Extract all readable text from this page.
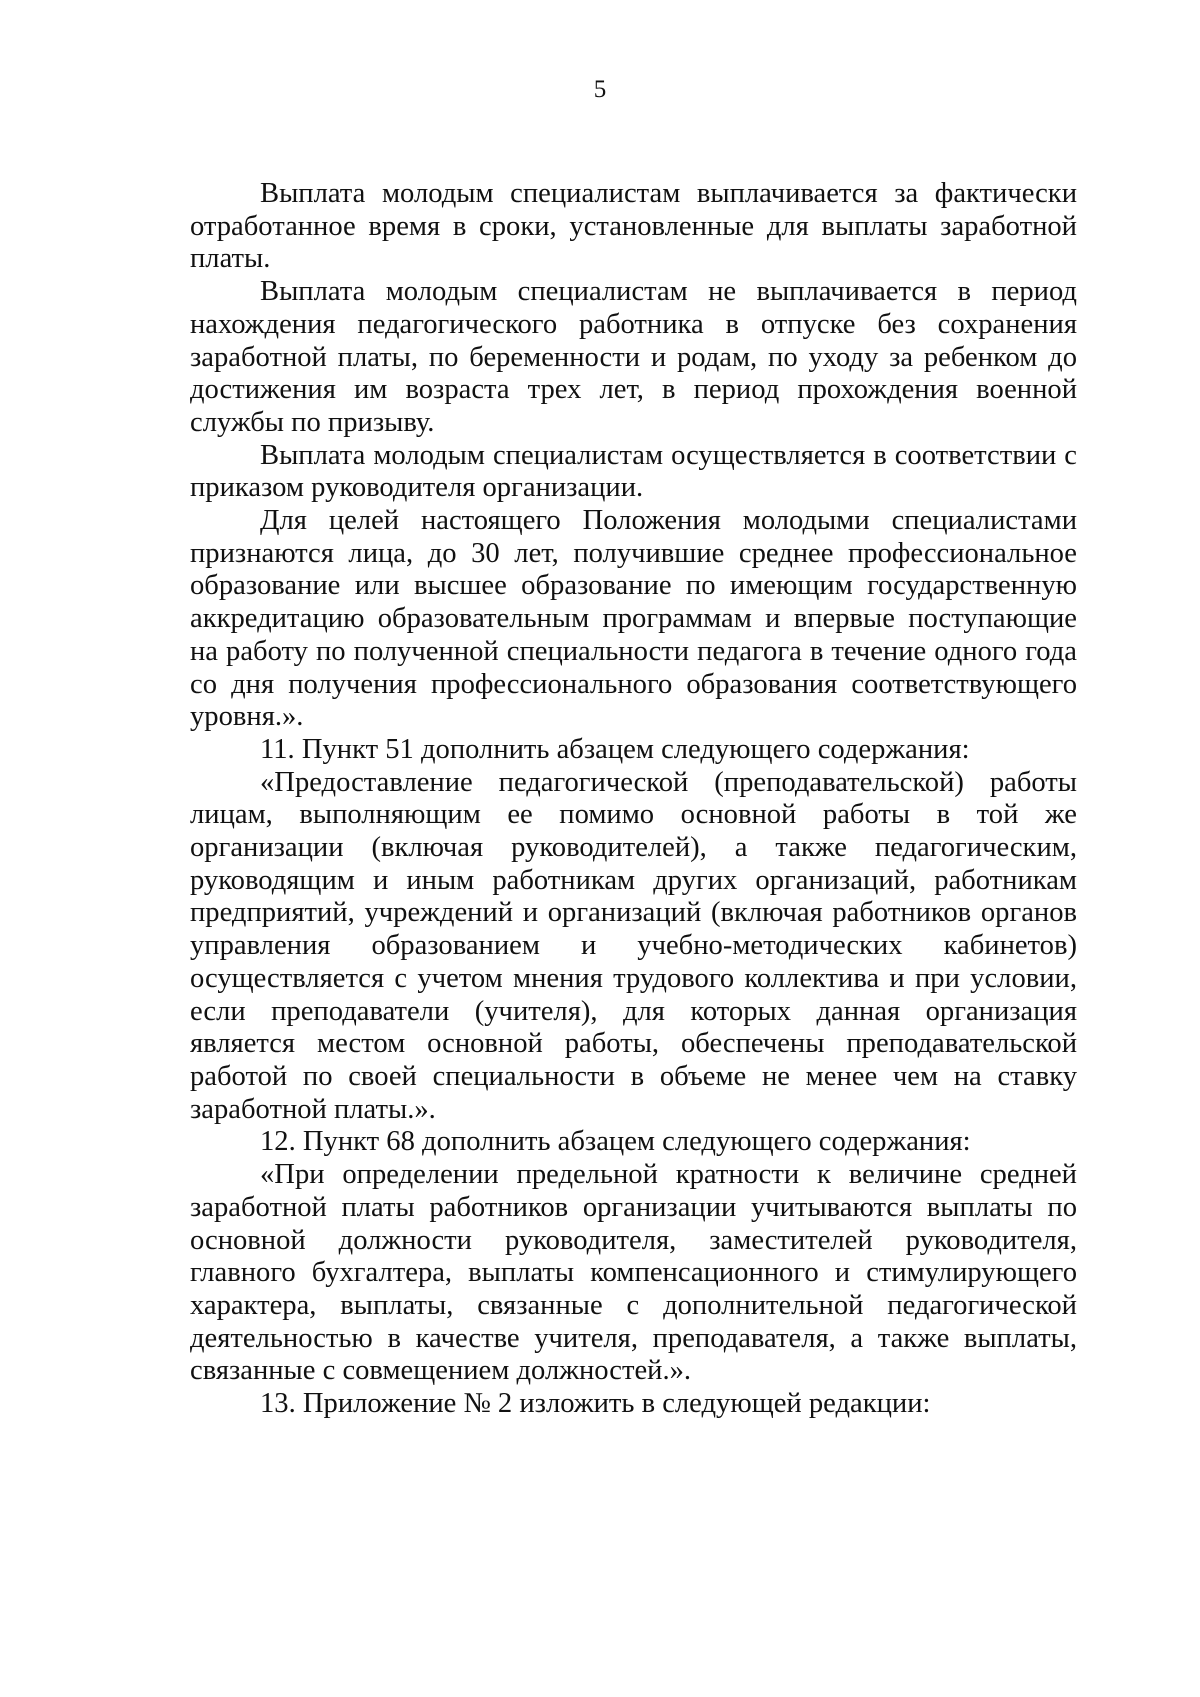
5

Выплата молодым специалистам выплачивается за фактически отработанное время в сроки, установленные для выплаты заработной платы.

Выплата молодым специалистам не выплачивается в период нахождения педагогического работника в отпуске без сохранения заработной платы, по беременности и родам, по уходу за ребенком до достижения им возраста трех лет, в период прохождения военной службы по призыву.

Выплата молодым специалистам осуществляется в соответствии с приказом руководителя организации.

Для целей настоящего Положения молодыми специалистами признаются лица, до 30 лет, получившие среднее профессиональное образование или высшее образование по имеющим государственную аккредитацию образовательным программам и впервые поступающие на работу по полученной специальности педагога в течение одного года со дня получения профессионального образования соответствующего уровня.».

11. Пункт 51 дополнить абзацем следующего содержания:

«Предоставление педагогической (преподавательской) работы лицам, выполняющим ее помимо основной работы в той же организации (включая руководителей), а также педагогическим, руководящим и иным работникам других организаций, работникам предприятий, учреждений и организаций (включая работников органов управления образованием и учебно-методических кабинетов) осуществляется с учетом мнения трудового коллектива и при условии, если преподаватели (учителя), для которых данная организация является местом основной работы, обеспечены преподавательской работой по своей специальности в объеме не менее чем на ставку заработной платы.».

12. Пункт 68 дополнить абзацем следующего содержания:

«При определении предельной кратности к величине средней заработной платы работников организации учитываются выплаты по основной должности руководителя, заместителей руководителя, главного бухгалтера, выплаты компенсационного и стимулирующего характера, выплаты, связанные с дополнительной педагогической деятельностью в качестве учителя, преподавателя, а также выплаты, связанные с совмещением должностей.».

13. Приложение № 2 изложить в следующей редакции:
